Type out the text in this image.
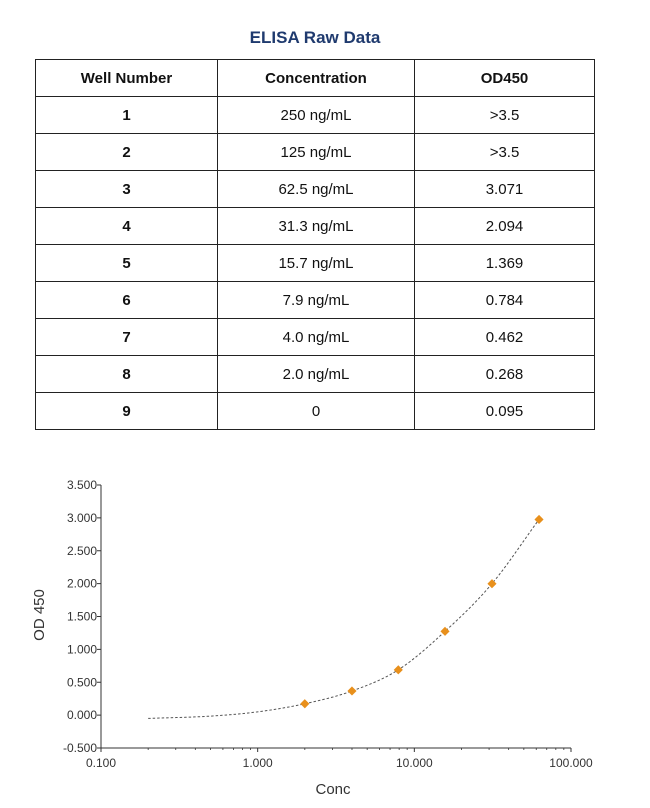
ELISA Raw Data
Well Number	Concentration	OD450
1	250 ng/mL	>3.5
2	125 ng/mL	>3.5
3	62.5 ng/mL	3.071
4	31.3 ng/mL	2.094
5	15.7 ng/mL	1.369
6	7.9 ng/mL	0.784
7	4.0 ng/mL	0.462
8	2.0 ng/mL	0.268
9	0	0.095
-0.500
0.000
0.500
1.000
1.500
2.000
2.500
3.000
3.500
0.100	1.000	10.000	100.000
Conc
OD 450
